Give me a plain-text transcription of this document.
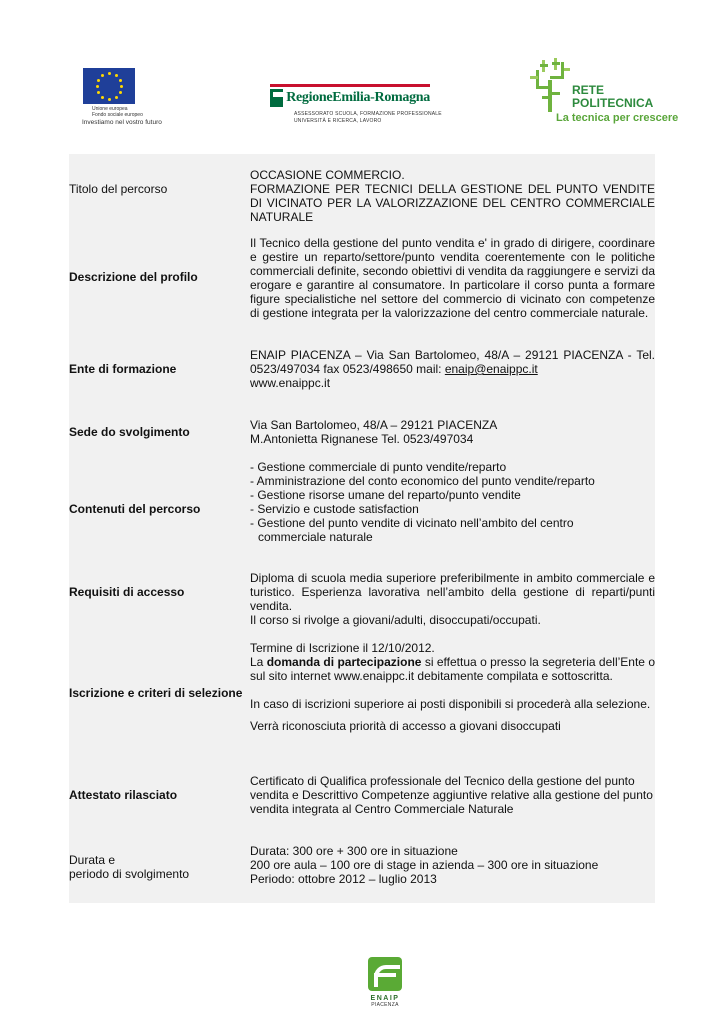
Unione europea
Fondo sociale europeo
Investiamo nel vostro futuro
RegioneEmilia-Romagna
ASSESSORATO SCUOLA, FORMAZIONE PROFESSIONALE
UNIVERSITÀ E RICERCA, LAVORO
RETE
POLITECNICA
La tecnica per crescere
Titolo del percorso

OCCASIONE COMMERCIO.

FORMAZIONE PER TECNICI DELLA GESTIONE DEL PUNTO VENDITE DI VICINATO PER LA VALORIZZAZIONE DEL CENTRO COMMERCIALE NATURALE

Descrizione del profilo
Il Tecnico della gestione del punto vendita e' in grado di dirigere, coordinare e gestire un reparto/settore/punto vendita coerentemente con le politiche commerciali definite, secondo obiettivi di vendita da raggiungere e servizi da erogare e garantire al consumatore. In particolare il corso punta a formare figure specialistiche nel settore del commercio di vicinato con competenze di gestione integrata per la valorizzazione del centro commerciale naturale.
Ente di formazione

ENAIP PIACENZA – Via San Bartolomeo, 48/A – 29121 PIACENZA - Tel. 0523/497034 fax 0523/498650 mail: enaip@enaippc.it

www.enaippc.it

Sede do svolgimento	Via San Bartolomeo, 48/A – 29121 PIACENZA

M.Antonietta Rignanese Tel. 0523/497034

Contenuti del percorso

- Gestione commerciale di punto vendite/reparto

- Amministrazione del conto economico del punto vendite/reparto

- Gestione risorse umane del reparto/punto vendite

- Servizio e custode satisfaction

- Gestione del punto vendite di vicinato nell’ambito del centro

commerciale naturale

Requisiti di accesso

Diploma di scuola media superiore preferibilmente in ambito commerciale e turistico. Esperienza lavorativa nell’ambito della gestione di reparti/punti vendita.

Il corso si rivolge a giovani/adulti, disoccupati/occupati.

Iscrizione e criteri di selezione

Termine di Iscrizione il 12/10/2012.

La domanda di partecipazione si effettua o presso la segreteria dell’Ente o sul sito internet www.enaippc.it debitamente compilata e sottoscritta.

In caso di iscrizioni superiore ai posti disponibili si procederà alla selezione.

Verrà riconosciuta priorità di accesso a giovani disoccupati

Attestato rilasciato
Certificato di Qualifica professionale del Tecnico della gestione del punto vendita e Descrittivo Competenze aggiuntive relative alla gestione del punto vendita integrata al Centro Commerciale Naturale
Durata e
periodo di svolgimento

Durata: 300 ore + 300 ore in situazione

200 ore aula – 100 ore di stage in azienda – 300 ore in situazione

Periodo: ottobre 2012 – luglio 2013

ENAIP
PIACENZA
